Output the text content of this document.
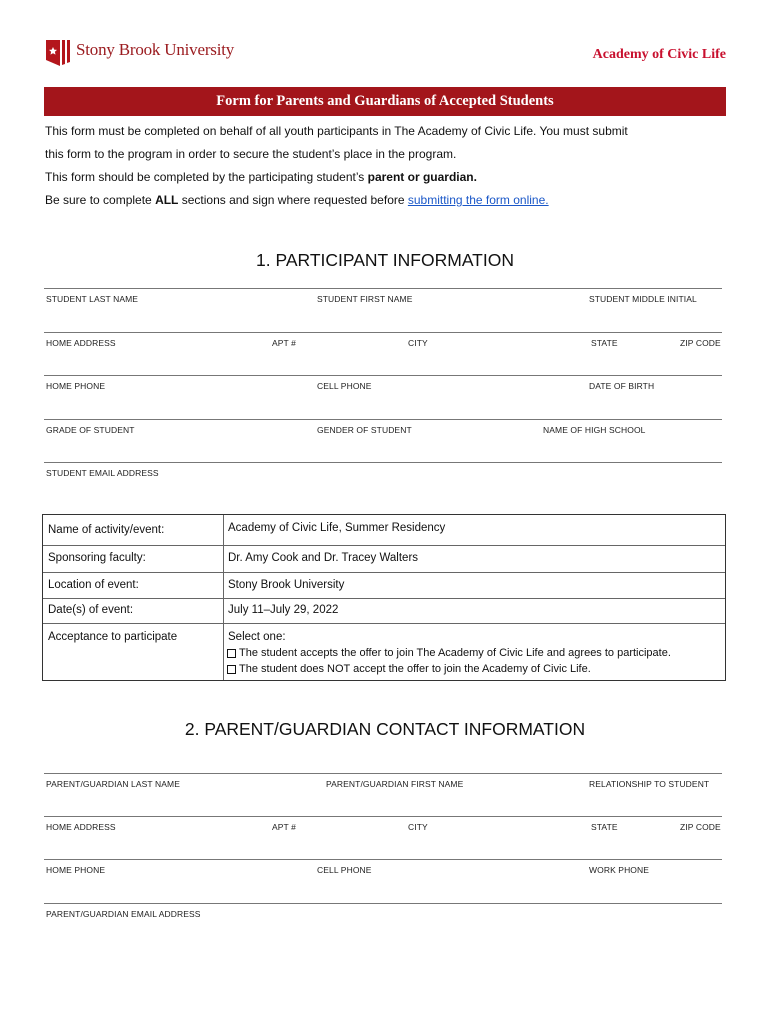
Stony Brook University	Academy of Civic Life
Form for Parents and Guardians of Accepted Students
This form must be completed on behalf of all youth participants in The Academy of Civic Life. You must submit
this form to the program in order to secure the student’s place in the program.
This form should be completed by the participating student’s parent or guardian.
Be sure to complete ALL sections and sign where requested before submitting the form online.
1. PARTICIPANT INFORMATION
STUDENT LAST NAME	STUDENT FIRST NAME	STUDENT MIDDLE INITIAL
HOME ADDRESS	APT #	CITY	STATE	ZIP CODE
HOME PHONE	CELL PHONE	DATE OF BIRTH
GRADE OF STUDENT	GENDER OF STUDENT	NAME OF HIGH SCHOOL
STUDENT EMAIL ADDRESS
Name of activity/event:	Academy of Civic Life, Summer Residency
Sponsoring faculty:	Dr. Amy Cook and Dr. Tracey Walters
Location of event:	Stony Brook University
Date(s) of event:	July 11–July 29, 2022
Acceptance to participate	Select one:
The student accepts the offer to join The Academy of Civic Life and agrees to participate.
The student does NOT accept the offer to join the Academy of Civic Life.
2. PARENT/GUARDIAN CONTACT INFORMATION
PARENT/GUARDIAN LAST NAME	PARENT/GUARDIAN FIRST NAME	RELATIONSHIP TO STUDENT
HOME ADDRESS	APT #	CITY	STATE	ZIP CODE
HOME PHONE	CELL PHONE	WORK PHONE
PARENT/GUARDIAN EMAIL ADDRESS
